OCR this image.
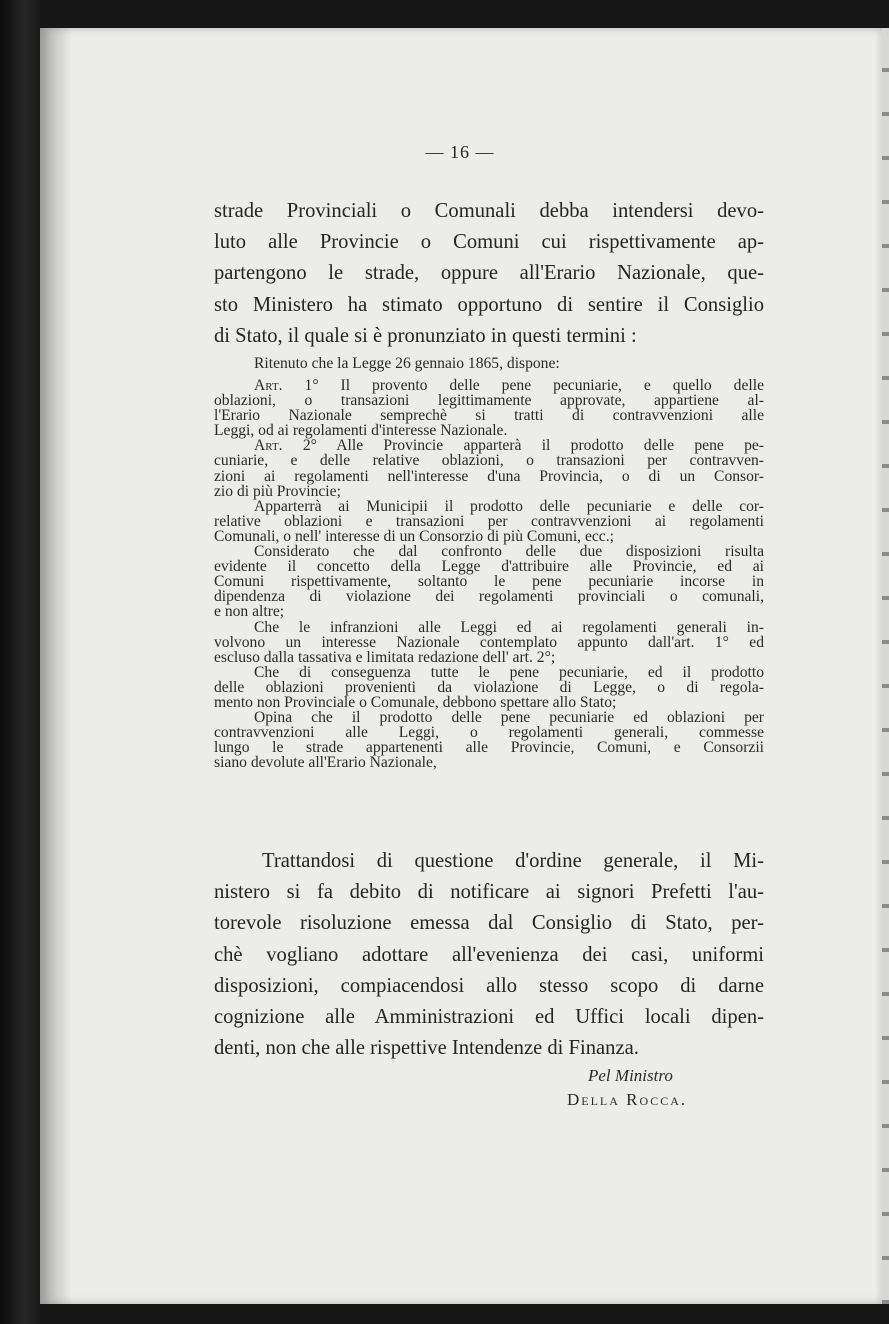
— 16 —
strade Provinciali o Comunali debba intendersi devo-
luto alle Provincie o Comuni cui rispettivamente ap-
partengono le strade, oppure all'Erario Nazionale, que-
sto Ministero ha stimato opportuno di sentire il Consiglio
di Stato, il quale si è pronunziato in questi termini :
Ritenuto che la Legge 26 gennaio 1865, dispone:
Art. 1° Il provento delle pene pecuniarie, e quello delle
oblazioni, o transazioni legittimamente approvate, appartiene al-
l'Erario Nazionale semprechè si tratti di contravvenzioni alle
Leggi, od ai regolamenti d'interesse Nazionale.
Art. 2° Alle Provincie apparterà il prodotto delle pene pe-
cuniarie, e delle relative oblazioni, o transazioni per contravven-
zioni ai regolamenti nell'interesse d'una Provincia, o di un Consor-
zio di più Provincie;
Apparterrà ai Municipii il prodotto delle pecuniarie e delle cor-
relative oblazioni e transazioni per contravvenzioni ai regolamenti
Comunali, o nell' interesse di un Consorzio di più Comuni, ecc.;
Considerato che dal confronto delle due disposizioni risulta
evidente il concetto della Legge d'attribuire alle Provincie, ed ai
Comuni rispettivamente, soltanto le pene pecuniarie incorse in
dipendenza di violazione dei regolamenti provinciali o comunali,
e non altre;
Che le infranzioni alle Leggi ed ai regolamenti generali in-
volvono un interesse Nazionale contemplato appunto dall'art. 1° ed
escluso dalla tassativa e limitata redazione dell' art. 2°;
Che di conseguenza tutte le pene pecuniarie, ed il prodotto
delle oblazioni provenienti da violazione di Legge, o di regola-
mento non Provinciale o Comunale, debbono spettare allo Stato;
Opina che il prodotto delle pene pecuniarie ed oblazioni per
contravvenzioni alle Leggi, o regolamenti generali, commesse
lungo le strade appartenenti alle Provincie, Comuni, e Consorzii
siano devolute all'Erario Nazionale,
Trattandosi di questione d'ordine generale, il Mi-
nistero si fa debito di notificare ai signori Prefetti l'au-
torevole risoluzione emessa dal Consiglio di Stato, per-
chè vogliano adottare all'evenienza dei casi, uniformi
disposizioni, compiacendosi allo stesso scopo di darne
cognizione alle Amministrazioni ed Uffici locali dipen-
denti, non che alle rispettive Intendenze di Finanza.
Pel Ministro
Della Rocca.
